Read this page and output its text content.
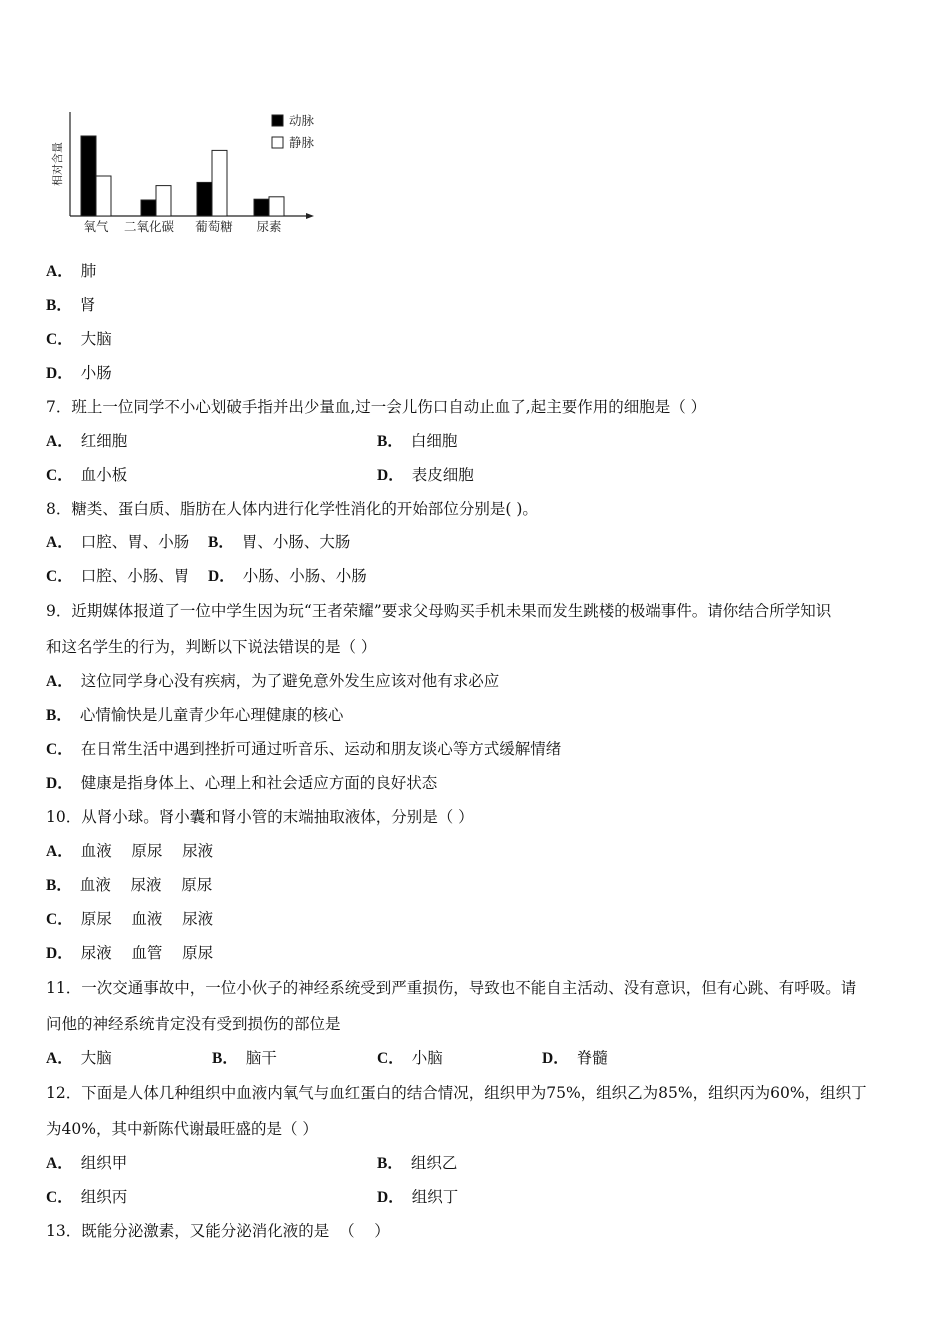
相对含量
氧气 二氧化碳 葡萄糖 尿素
动脉
静脉
A． 肺
B． 肾
C． 大脑
D． 小肠
7．班上一位同学不小心划破手指并出少量血,过一会儿伤口自动止血了,起主要作用的细胞是（ ）
A． 红细胞	B． 白细胞
C． 血小板	D． 表皮细胞
8．糖类、蛋白质、脂肪在人体内进行化学性消化的开始部位分别是( )。
A． 口腔、胃、小肠 B． 胃、小肠、大肠
C． 口腔、小肠、胃 D． 小肠、小肠、小肠
9．近期媒体报道了一位中学生因为玩“王者荣耀”要求父母购买手机未果而发生跳楼的极端事件。请你结合所学知识
和这名学生的行为，判断以下说法错误的是（ ）
A． 这位同学身心没有疾病，为了避免意外发生应该对他有求必应
B． 心情愉快是儿童青少年心理健康的核心
C． 在日常生活中遇到挫折可通过听音乐、运动和朋友谈心等方式缓解情绪
D． 健康是指身体上、心理上和社会适应方面的良好状态
10．从肾小球。肾小囊和肾小管的末端抽取液体，分别是（ ）
A． 血液    原尿    尿液
B． 血液    尿液    原尿
C． 原尿    血液    尿液
D． 尿液    血管    原尿
11．一次交通事故中，一位小伙子的神经系统受到严重损伤，导致也不能自主活动、没有意识，但有心跳、有呼吸。请
问他的神经系统肯定没有受到损伤的部位是
A． 大脑	B． 脑干	C． 小脑	D． 脊髓
12．下面是人体几种组织中血液内氧气与血红蛋白的结合情况，组织甲为75%，组织乙为85%，组织丙为60%，组织丁
为40%，其中新陈代谢最旺盛的是（ ）
A． 组织甲	B． 组织乙
C． 组织丙	D． 组织丁
13．既能分泌激素，又能分泌消化液的是  （    ）
